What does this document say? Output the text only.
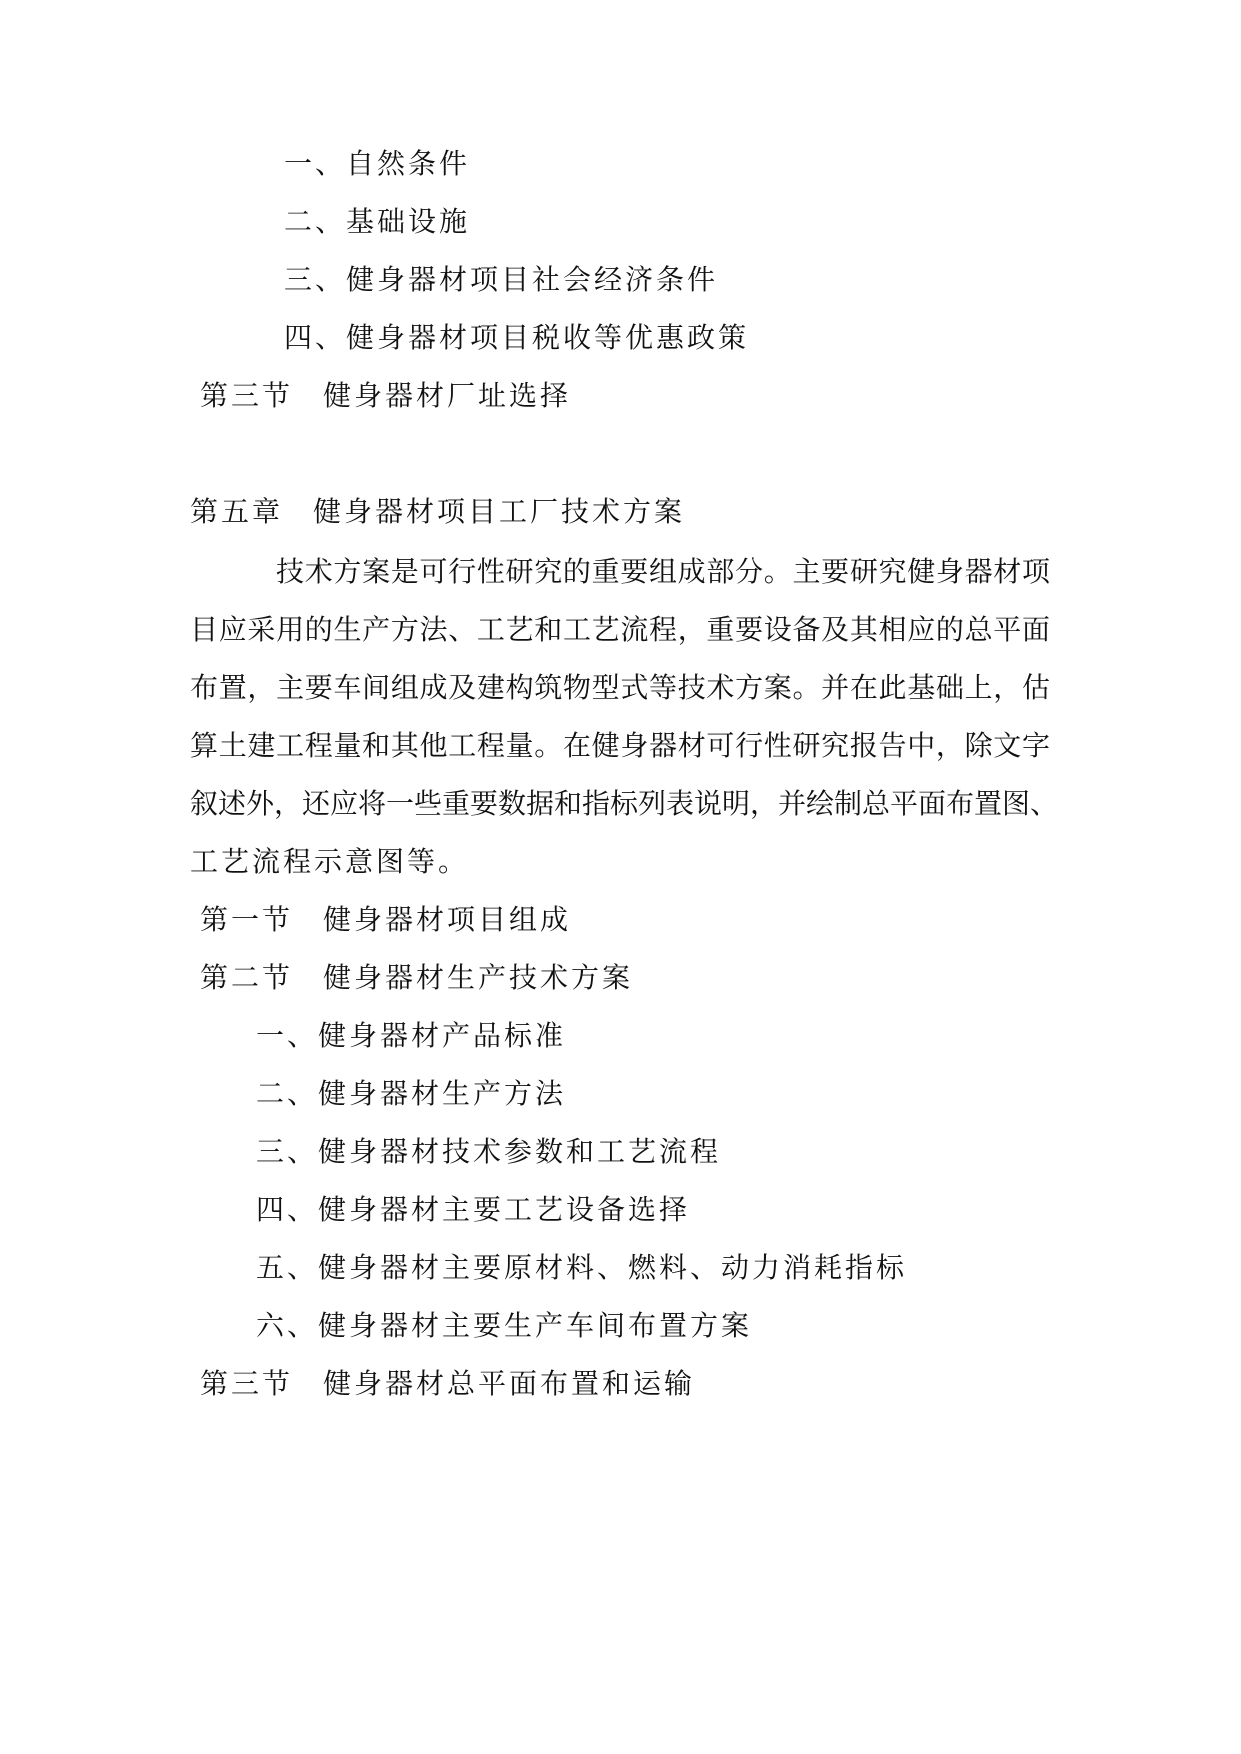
一、自然条件
二、基础设施
三、健身器材项目社会经济条件
四、健身器材项目税收等优惠政策
第三节 健身器材厂址选择
第五章 健身器材项目工厂技术方案
技术方案是可行性研究的重要组成部分。主要研究健身器材项
目应采用的生产方法、工艺和工艺流程，重要设备及其相应的总平面
布置，主要车间组成及建构筑物型式等技术方案。并在此基础上，估
算土建工程量和其他工程量。在健身器材可行性研究报告中，除文字
叙述外，还应将一些重要数据和指标列表说明，并绘制总平面布置图、
工艺流程示意图等。
第一节 健身器材项目组成
第二节 健身器材生产技术方案
一、健身器材产品标准
二、健身器材生产方法
三、健身器材技术参数和工艺流程
四、健身器材主要工艺设备选择
五、健身器材主要原材料、燃料、动力消耗指标
六、健身器材主要生产车间布置方案
第三节 健身器材总平面布置和运输
